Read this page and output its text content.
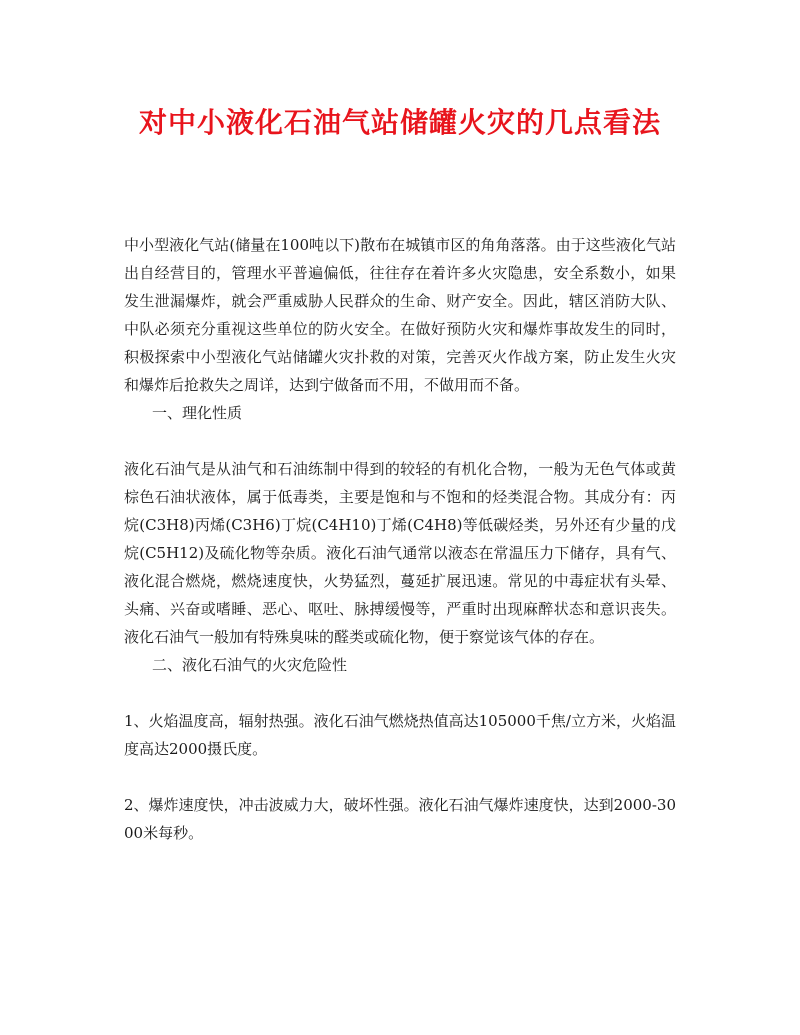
对中小液化石油气站储罐火灾的几点看法

中小型液化气站(储量在100吨以下)散布在城镇市区的角角落落。由于这些液化气站出自经营目的，管理水平普遍偏低，往往存在着许多火灾隐患，安全系数小，如果发生泄漏爆炸，就会严重威胁人民群众的生命、财产安全。因此，辖区消防大队、中队必须充分重视这些单位的防火安全。在做好预防火灾和爆炸事故发生的同时，积极探索中小型液化气站储罐火灾扑救的对策，完善灭火作战方案，防止发生火灾和爆炸后抢救失之周详，达到宁做备而不用，不做用而不备。

一、理化性质

液化石油气是从油气和石油练制中得到的较轻的有机化合物，一般为无色气体或黄棕色石油状液体，属于低毒类，主要是饱和与不饱和的烃类混合物。其成分有：丙烷(C3H8)丙烯(C3H6)丁烷(C4H10)丁烯(C4H8)等低碳烃类，另外还有少量的戊烷(C5H12)及硫化物等杂质。液化石油气通常以液态在常温压力下储存，具有气、液化混合燃烧，燃烧速度快，火势猛烈，蔓延扩展迅速。常见的中毒症状有头晕、头痛、兴奋或嗜睡、恶心、呕吐、脉搏缓慢等，严重时出现麻醉状态和意识丧失。液化石油气一般加有特殊臭味的醛类或硫化物，便于察觉该气体的存在。

二、液化石油气的火灾危险性

1、火焰温度高，辐射热强。液化石油气燃烧热值高达105000千焦/立方米，火焰温度高达2000摄氏度。

2、爆炸速度快，冲击波威力大，破坏性强。液化石油气爆炸速度快，达到2000-3000米每秒。
